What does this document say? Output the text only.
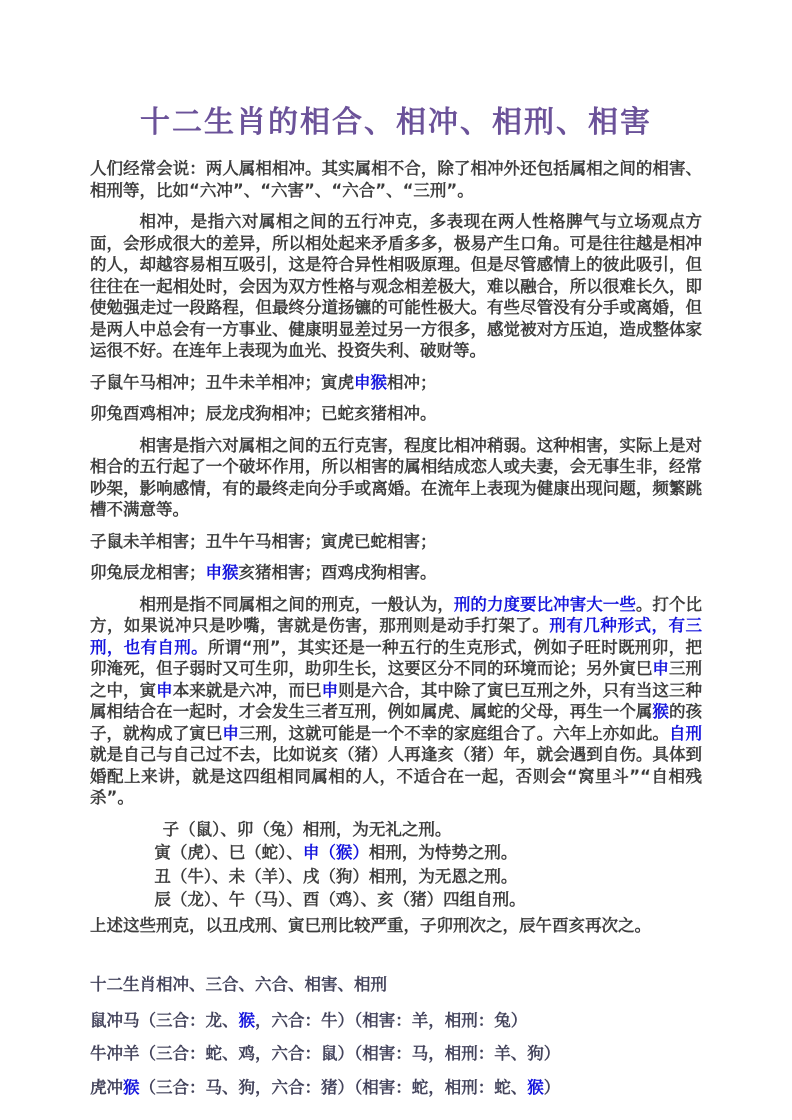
十二生肖的相合、相冲、相刑、相害

人们经常会说：两人属相相冲。其实属相不合，除了相冲外还包括属相之间的相害、相刑等，比如“六冲”、“六害”、“六合”、“三刑”。

相冲，是指六对属相之间的五行冲克，多表现在两人性格脾气与立场观点方面，会形成很大的差异，所以相处起来矛盾多多，极易产生口角。可是往往越是相冲的人，却越容易相互吸引，这是符合异性相吸原理。但是尽管感情上的彼此吸引，但往往在一起相处时，会因为双方性格与观念相差极大，难以融合，所以很难长久，即使勉强走过一段路程，但最终分道扬镳的可能性极大。有些尽管没有分手或离婚，但是两人中总会有一方事业、健康明显差过另一方很多，感觉被对方压迫，造成整体家运很不好。在连年上表现为血光、投资失利、破财等。

子鼠午马相冲；丑牛未羊相冲；寅虎申猴相冲；

卯兔酉鸡相冲；辰龙戌狗相冲；已蛇亥猪相冲。

相害是指六对属相之间的五行克害，程度比相冲稍弱。这种相害，实际上是对相合的五行起了一个破坏作用，所以相害的属相结成恋人或夫妻，会无事生非，经常吵架，影响感情，有的最终走向分手或离婚。在流年上表现为健康出现问题，频繁跳槽不满意等。

子鼠未羊相害；丑牛午马相害；寅虎已蛇相害；

卯兔辰龙相害；申猴亥猪相害；酉鸡戌狗相害。

相刑是指不同属相之间的刑克，一般认为，刑的力度要比冲害大一些。打个比方，如果说冲只是吵嘴，害就是伤害，那刑则是动手打架了。刑有几种形式，有三刑，也有自刑。所谓“刑”，其实还是一种五行的生克形式，例如子旺时既刑卯，把卯淹死，但子弱时又可生卯，助卯生长，这要区分不同的环境而论；另外寅巳申三刑之中，寅申本来就是六冲，而巳申则是六合，其中除了寅巳互刑之外，只有当这三种属相结合在一起时，才会发生三者互刑，例如属虎、属蛇的父母，再生一个属猴的孩子，就构成了寅巳申三刑，这就可能是一个不幸的家庭组合了。六年上亦如此。自刑就是自己与自己过不去，比如说亥（猪）人再逢亥（猪）年，就会遇到自伤。具体到婚配上来讲，就是这四组相同属相的人，不适合在一起，否则会“窝里斗”“自相残杀”。

子（鼠）、卯（兔）相刑，为无礼之刑。

寅（虎）、巳（蛇）、申（猴）相刑，为恃势之刑。

丑（牛）、未（羊）、戌（狗）相刑，为无恩之刑。

辰（龙）、午（马）、酉（鸡）、亥（猪）四组自刑。

上述这些刑克，以丑戌刑、寅巳刑比较严重，子卯刑次之，辰午酉亥再次之。

十二生肖相冲、三合、六合、相害、相刑

鼠冲马（三合：龙、猴，六合：牛）（相害：羊，相刑：兔）

牛冲羊（三合：蛇、鸡，六合：鼠）（相害：马，相刑：羊、狗）

虎冲猴（三合：马、狗，六合：猪）（相害：蛇，相刑：蛇、猴）
